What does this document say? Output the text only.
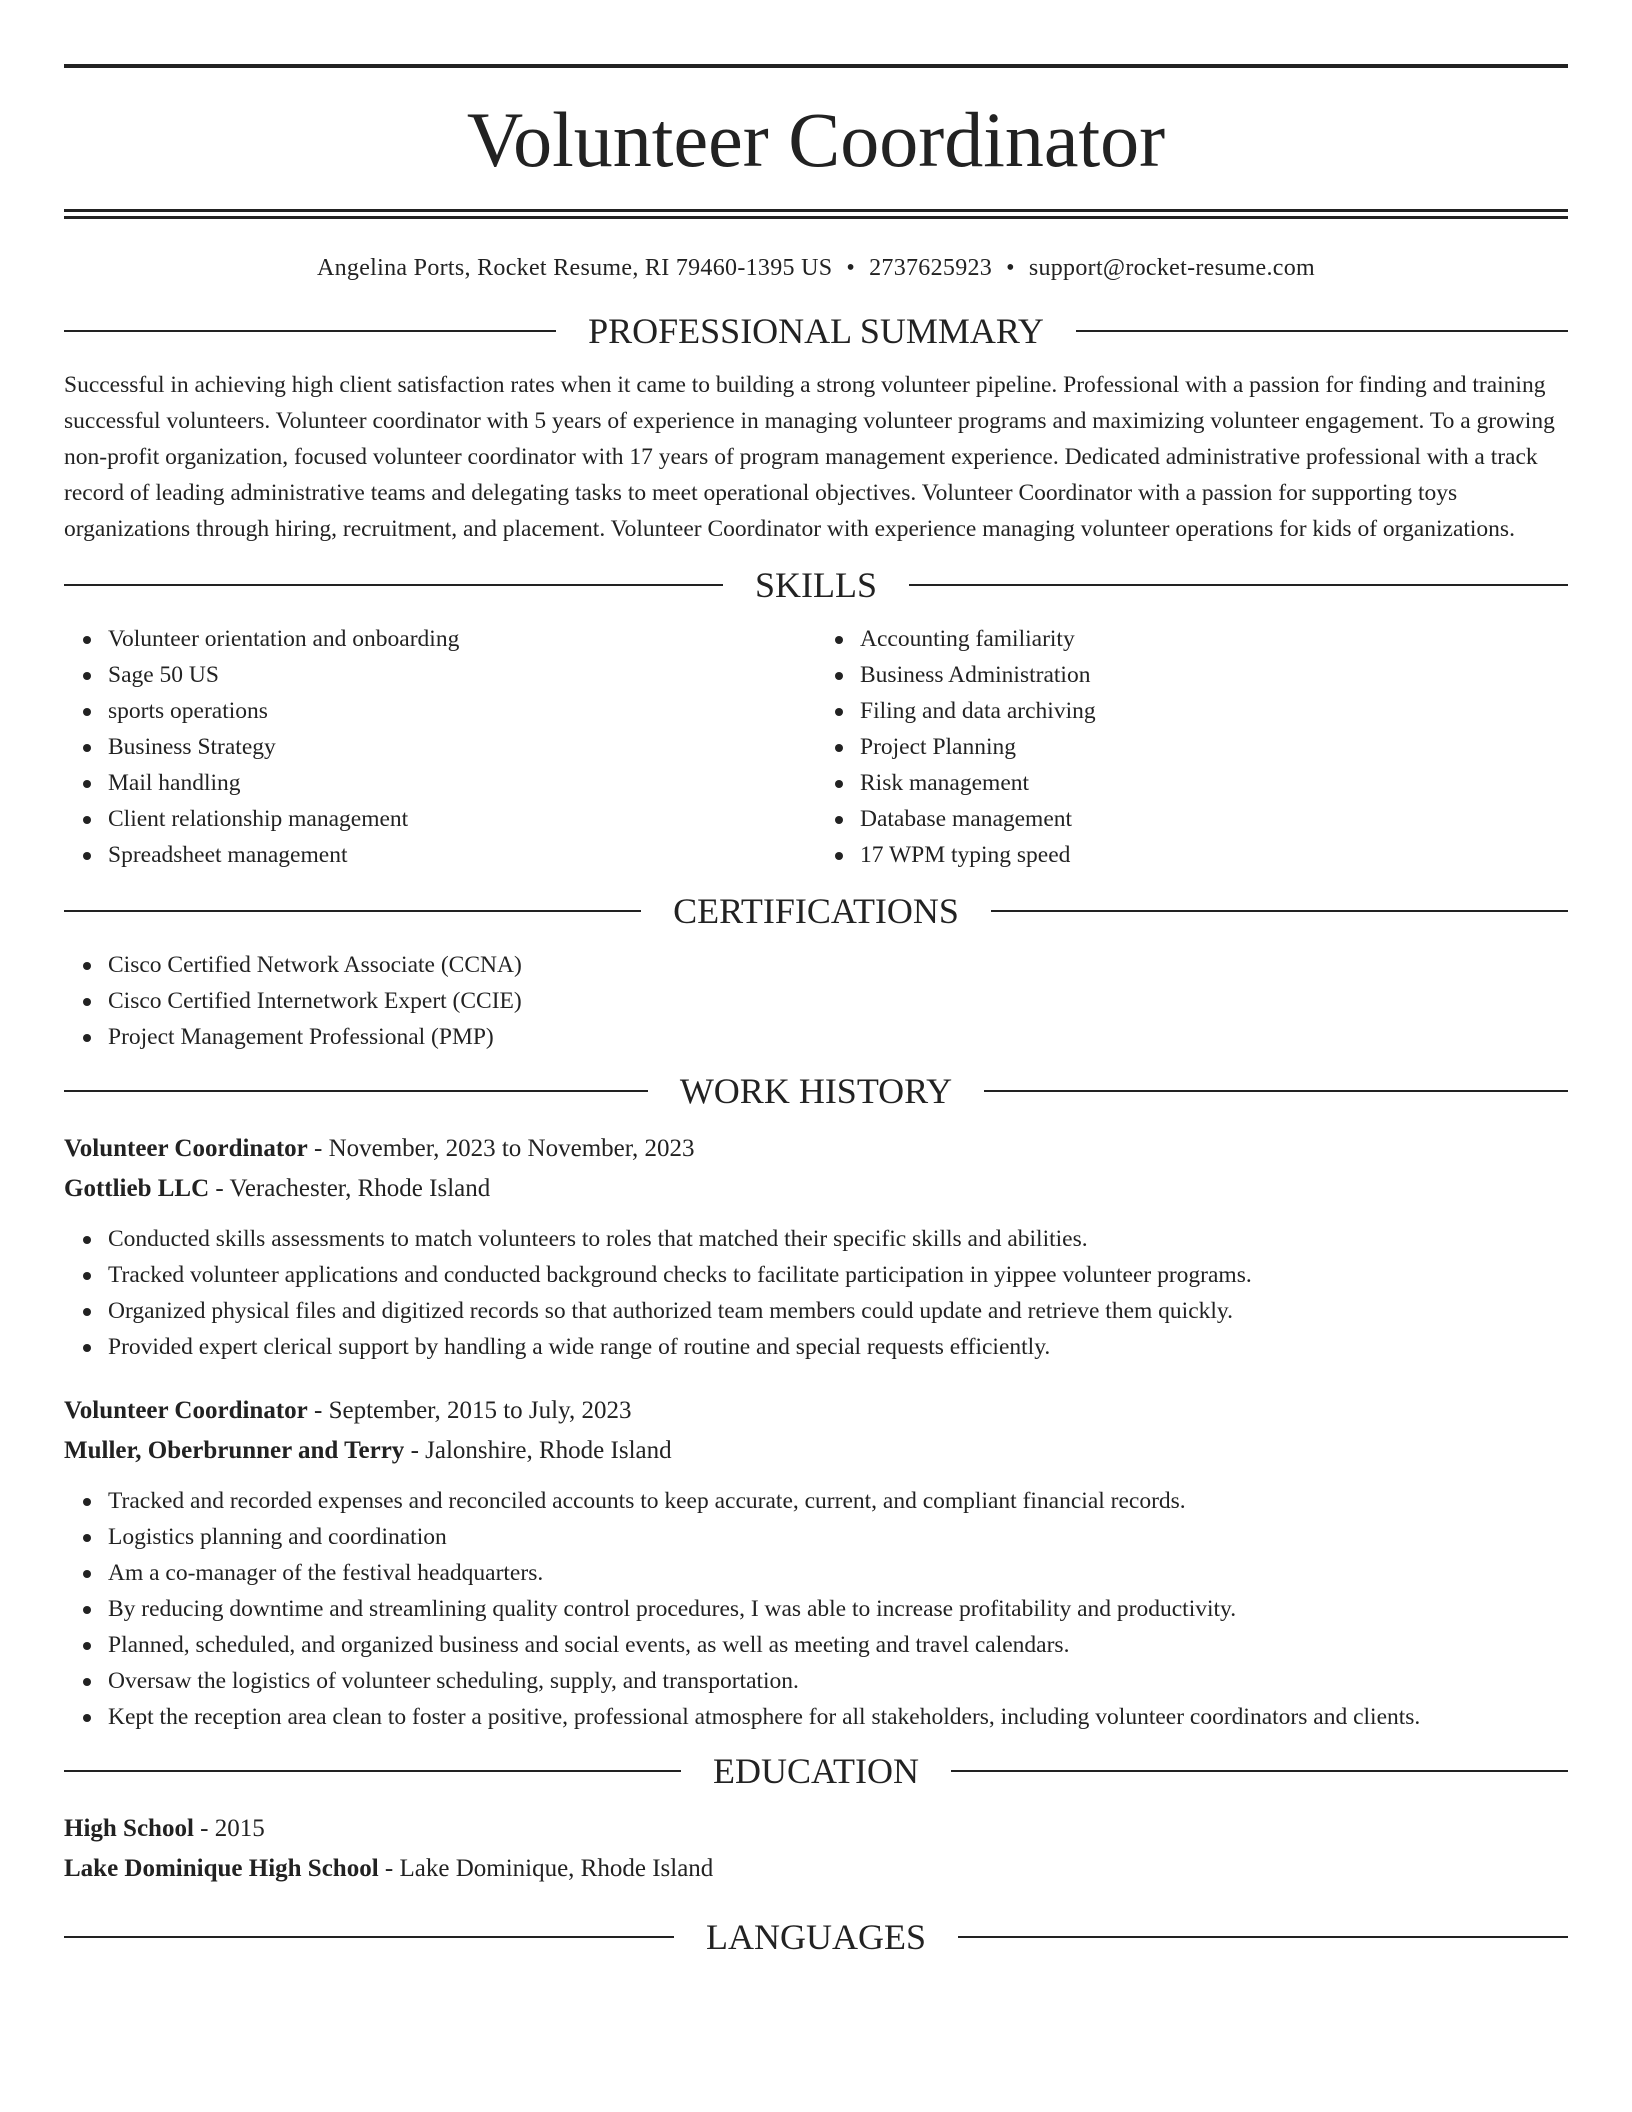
Volunteer Coordinator
Angelina Ports, Rocket Resume, RI 79460-1395 US • 2737625923 • support@rocket-resume.com
PROFESSIONAL SUMMARY

Successful in achieving high client satisfaction rates when it came to building a strong volunteer pipeline. Professional with a passion for finding and training successful volunteers. Volunteer coordinator with 5 years of experience in managing volunteer programs and maximizing volunteer engagement. To a growing non-profit organization, focused volunteer coordinator with 17 years of program management experience. Dedicated administrative professional with a track record of leading administrative teams and delegating tasks to meet operational objectives. Volunteer Coordinator with a passion for supporting toys organizations through hiring, recruitment, and placement. Volunteer Coordinator with experience managing volunteer operations for kids of organizations.

SKILLS
Volunteer orientation and onboarding
Sage 50 US
sports operations
Business Strategy
Mail handling
Client relationship management
Spreadsheet management
Accounting familiarity
Business Administration
Filing and data archiving
Project Planning
Risk management
Database management
17 WPM typing speed
CERTIFICATIONS
Cisco Certified Network Associate (CCNA)
Cisco Certified Internetwork Expert (CCIE)
Project Management Professional (PMP)
WORK HISTORY
Volunteer Coordinator - November, 2023 to November, 2023
Gottlieb LLC - Verachester, Rhode Island
Conducted skills assessments to match volunteers to roles that matched their specific skills and abilities.
Tracked volunteer applications and conducted background checks to facilitate participation in yippee volunteer programs.
Organized physical files and digitized records so that authorized team members could update and retrieve them quickly.
Provided expert clerical support by handling a wide range of routine and special requests efficiently.
Volunteer Coordinator - September, 2015 to July, 2023
Muller, Oberbrunner and Terry - Jalonshire, Rhode Island
Tracked and recorded expenses and reconciled accounts to keep accurate, current, and compliant financial records.
Logistics planning and coordination
Am a co-manager of the festival headquarters.
By reducing downtime and streamlining quality control procedures, I was able to increase profitability and productivity.
Planned, scheduled, and organized business and social events, as well as meeting and travel calendars.
Oversaw the logistics of volunteer scheduling, supply, and transportation.
Kept the reception area clean to foster a positive, professional atmosphere for all stakeholders, including volunteer coordinators and clients.
EDUCATION
High School - 2015
Lake Dominique High School - Lake Dominique, Rhode Island
LANGUAGES
